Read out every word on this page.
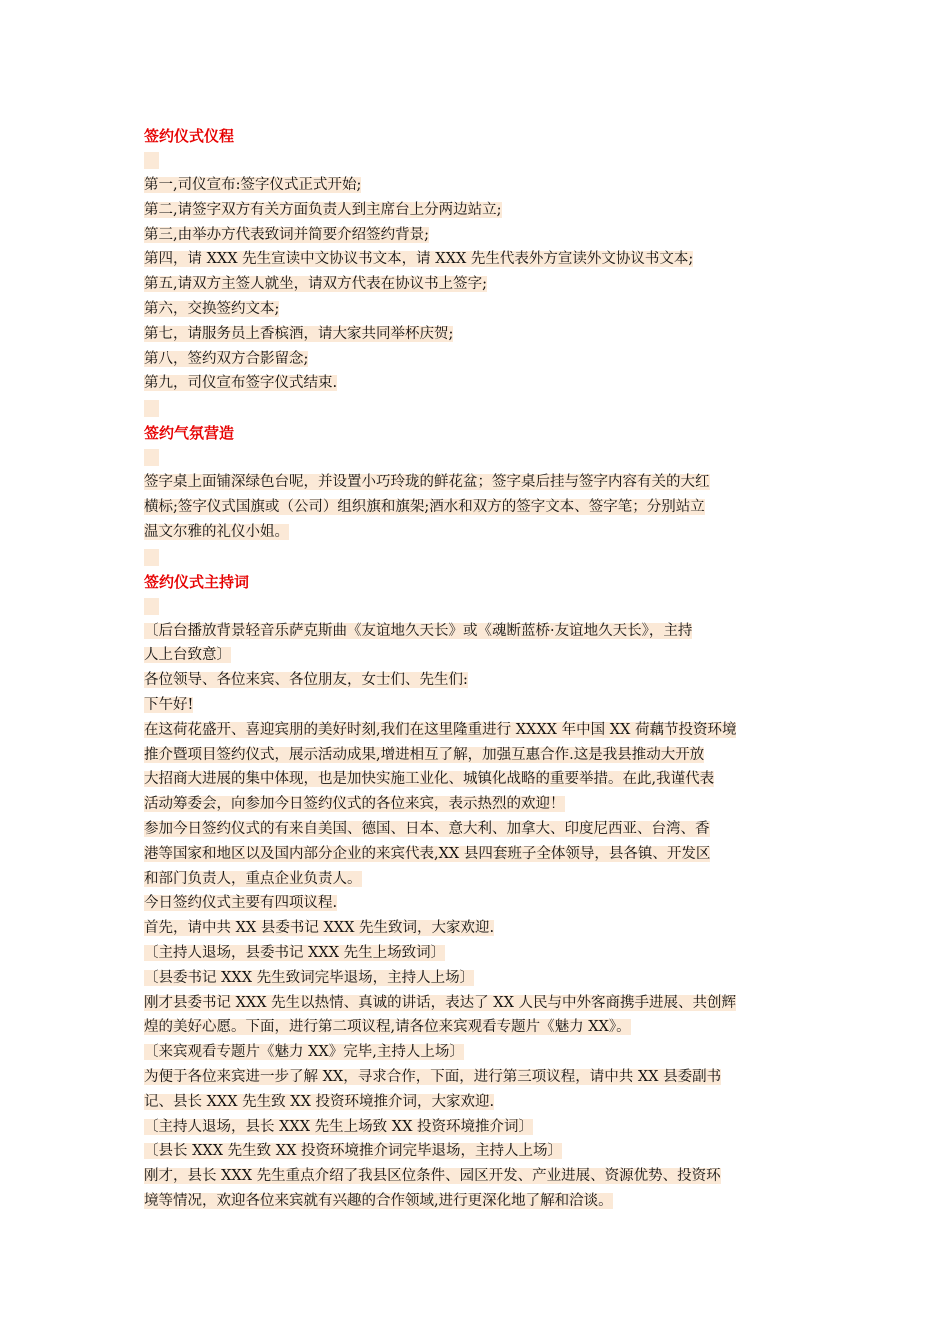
签约仪式仪程
第一,司仪宣布:签字仪式正式开始;
第二,请签字双方有关方面负责人到主席台上分两边站立;
第三,由举办方代表致词并简要介绍签约背景;
第四，请 XXX 先生宣读中文协议书文本，请 XXX 先生代表外方宣读外文协议书文本;
第五,请双方主签人就坐，请双方代表在协议书上签字;
第六，交换签约文本;
第七，请服务员上香槟酒，请大家共同举杯庆贺;
第八，签约双方合影留念;
第九，司仪宣布签字仪式结束.
签约气氛营造
签字桌上面铺深绿色台呢，并设置小巧玲珑的鲜花盆；签字桌后挂与签字内容有关的大红
横标;签字仪式国旗或（公司）组织旗和旗架;酒水和双方的签字文本、签字笔；分别站立
温文尔雅的礼仪小姐。
签约仪式主持词
〔后台播放背景轻音乐萨克斯曲《友谊地久天长》或《魂断蓝桥·友谊地久天长》，主持
人上台致意〕
各位领导、各位来宾、各位朋友，女士们、先生们:
下午好!
在这荷花盛开、喜迎宾朋的美好时刻,我们在这里隆重进行 XXXX 年中国 XX 荷藕节投资环境
推介暨项目签约仪式，展示活动成果,增进相互了解，加强互惠合作.这是我县推动大开放
大招商大进展的集中体现，也是加快实施工业化、城镇化战略的重要举措。在此,我谨代表
活动筹委会，向参加今日签约仪式的各位来宾，表示热烈的欢迎！
参加今日签约仪式的有来自美国、德国、日本、意大利、加拿大、印度尼西亚、台湾、香
港等国家和地区以及国内部分企业的来宾代表,XX 县四套班子全体领导，县各镇、开发区
和部门负责人，重点企业负责人。
今日签约仪式主要有四项议程.
首先，请中共 XX 县委书记 XXX 先生致词，大家欢迎.
〔主持人退场，县委书记 XXX 先生上场致词〕
〔县委书记 XXX 先生致词完毕退场，主持人上场〕
刚才县委书记 XXX 先生以热情、真诚的讲话，表达了 XX 人民与中外客商携手进展、共创辉
煌的美好心愿。下面，进行第二项议程,请各位来宾观看专题片《魅力 XX》。
〔来宾观看专题片《魅力 XX》完毕,主持人上场〕
为便于各位来宾进一步了解 XX，寻求合作，下面，进行第三项议程，请中共 XX 县委副书
记、县长 XXX 先生致 XX 投资环境推介词，大家欢迎.
〔主持人退场，县长 XXX 先生上场致 XX 投资环境推介词〕
〔县长 XXX 先生致 XX 投资环境推介词完毕退场，主持人上场〕
刚才，县长 XXX 先生重点介绍了我县区位条件、园区开发、产业进展、资源优势、投资环
境等情况，欢迎各位来宾就有兴趣的合作领域,进行更深化地了解和洽谈。
